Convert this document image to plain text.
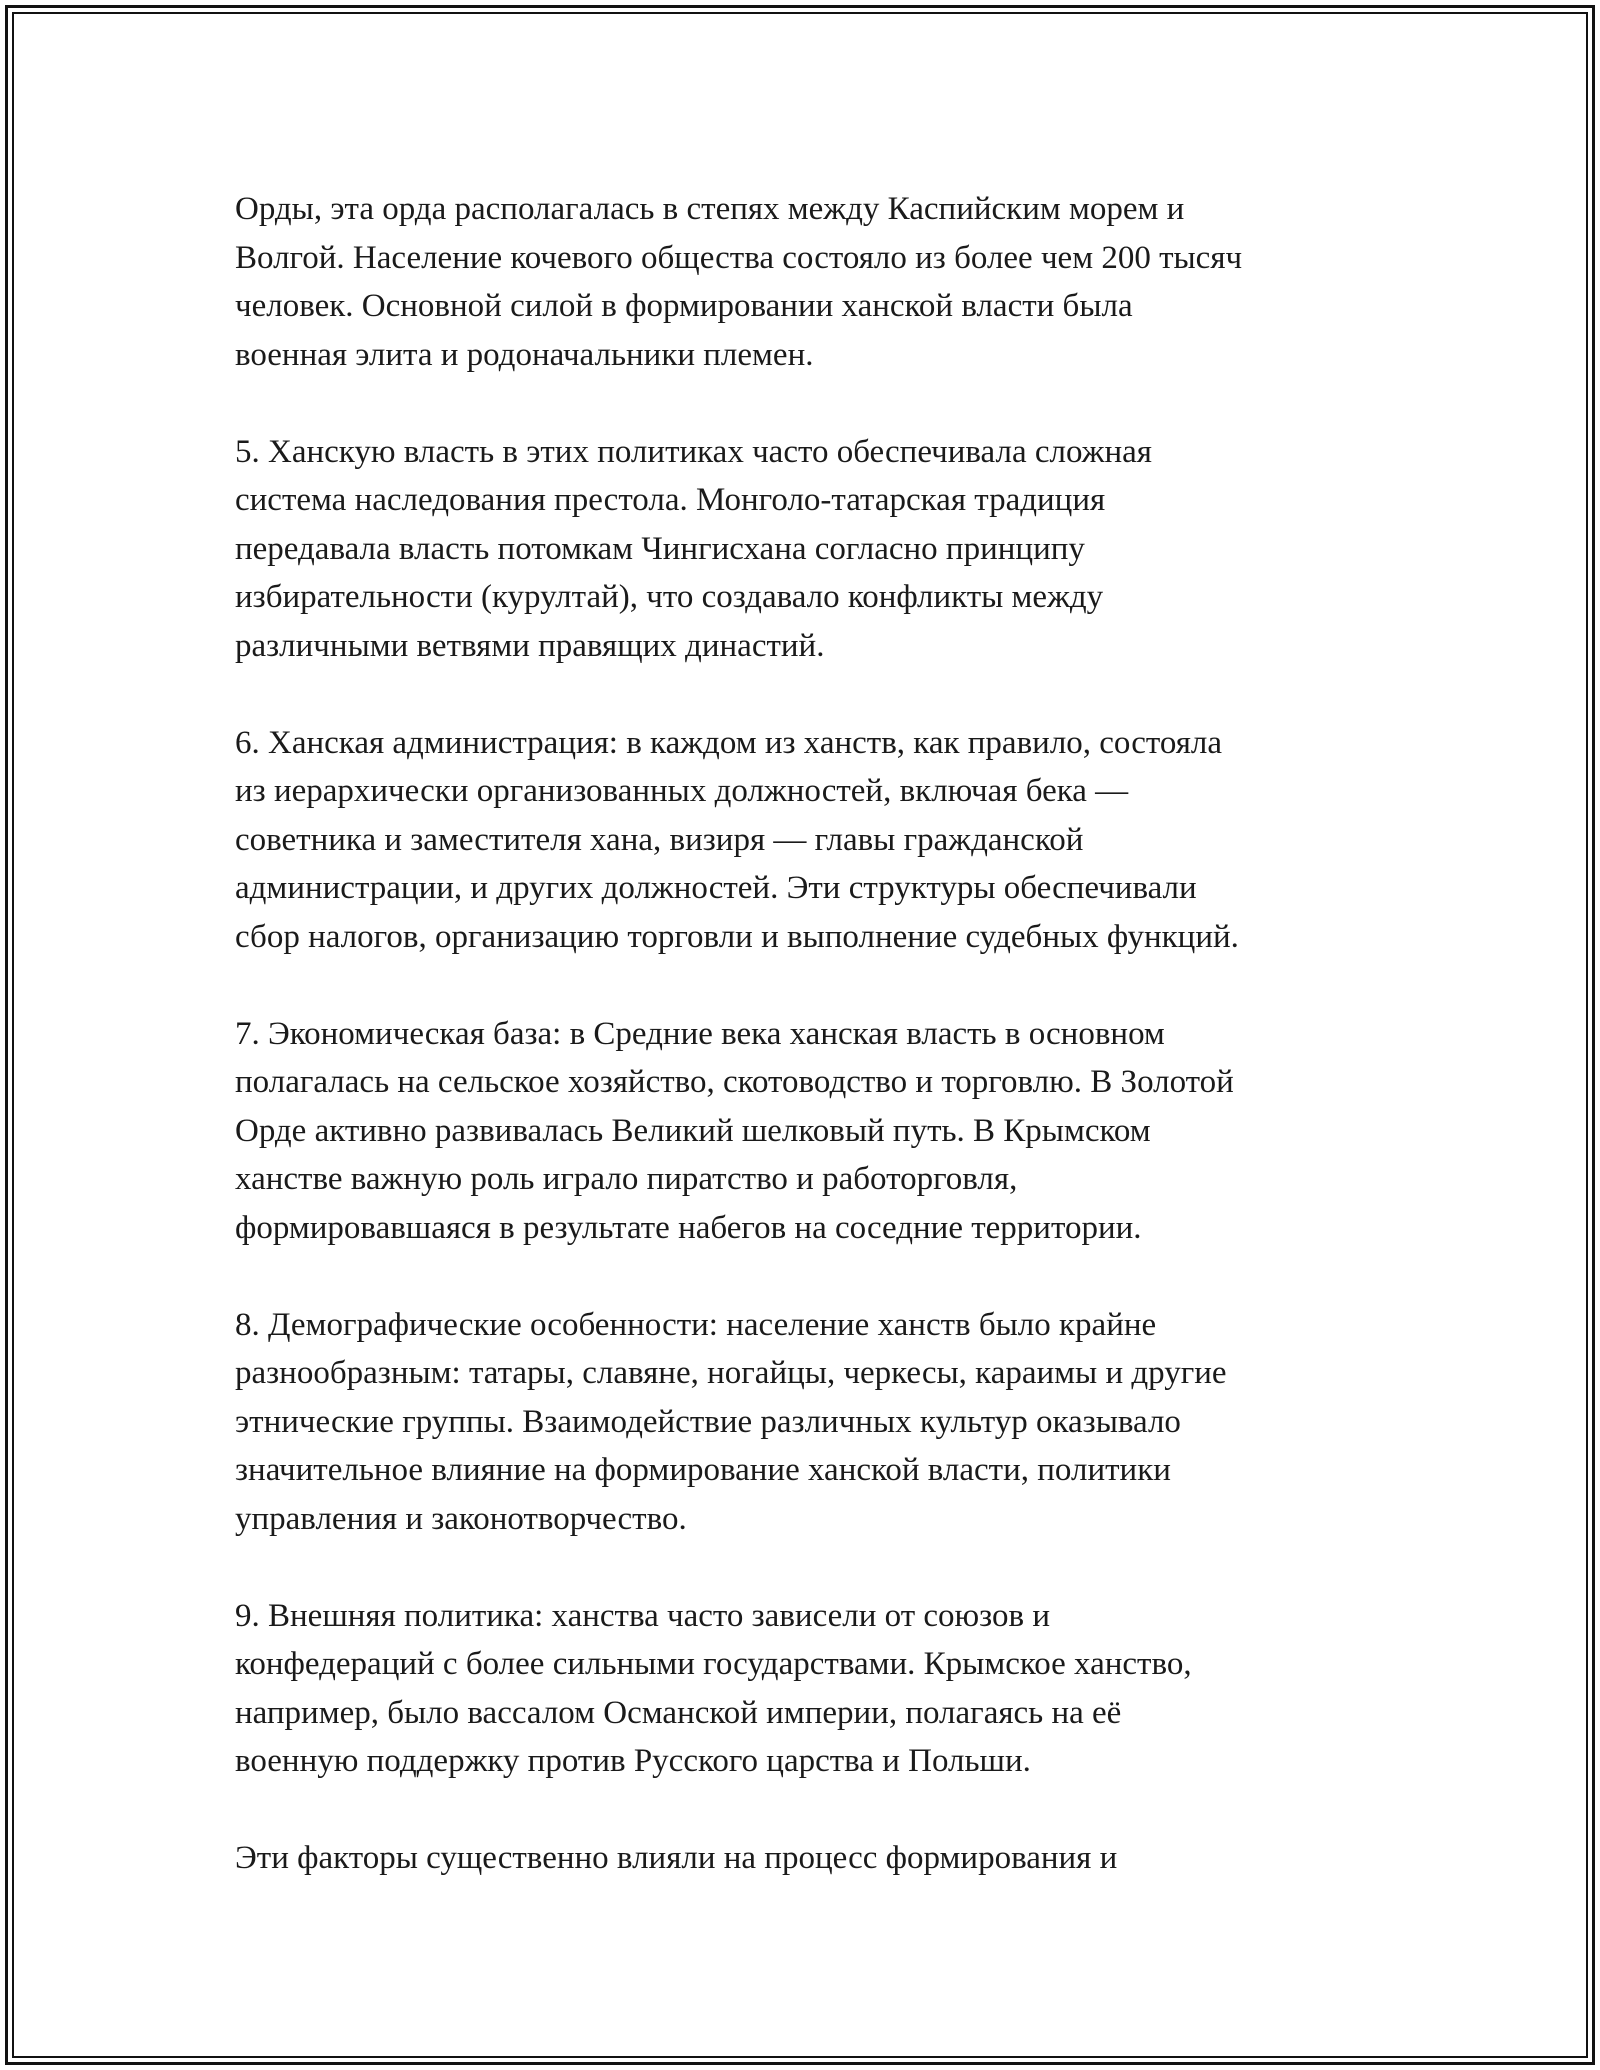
Орды, эта орда располагалась в степях между Каспийским морем и
Волгой. Население кочевого общества состояло из более чем 200 тысяч
человек. Основной силой в формировании ханской власти была
военная элита и родоначальники племен.

5. Ханскую власть в этих политиках часто обеспечивала сложная
система наследования престола. Монголо-татарская традиция
передавала власть потомкам Чингисхана согласно принципу
избирательности (курултай), что создавало конфликты между
различными ветвями правящих династий.

6. Ханская администрация: в каждом из ханств, как правило, состояла
из иерархически организованных должностей, включая бека —
советника и заместителя хана, визиря — главы гражданской
администрации, и других должностей. Эти структуры обеспечивали
сбор налогов, организацию торговли и выполнение судебных функций.

7. Экономическая база: в Средние века ханская власть в основном
полагалась на сельское хозяйство, скотоводство и торговлю. В Золотой
Орде активно развивалась Великий шелковый путь. В Крымском
ханстве важную роль играло пиратство и работорговля,
формировавшаяся в результате набегов на соседние территории.

8. Демографические особенности: население ханств было крайне
разнообразным: татары, славяне, ногайцы, черкесы, караимы и другие
этнические группы. Взаимодействие различных культур оказывало
значительное влияние на формирование ханской власти, политики
управления и законотворчество.

9. Внешняя политика: ханства часто зависели от союзов и
конфедераций с более сильными государствами. Крымское ханство,
например, было вассалом Османской империи, полагаясь на её
военную поддержку против Русского царства и Польши.

Эти факторы существенно влияли на процесс формирования и
